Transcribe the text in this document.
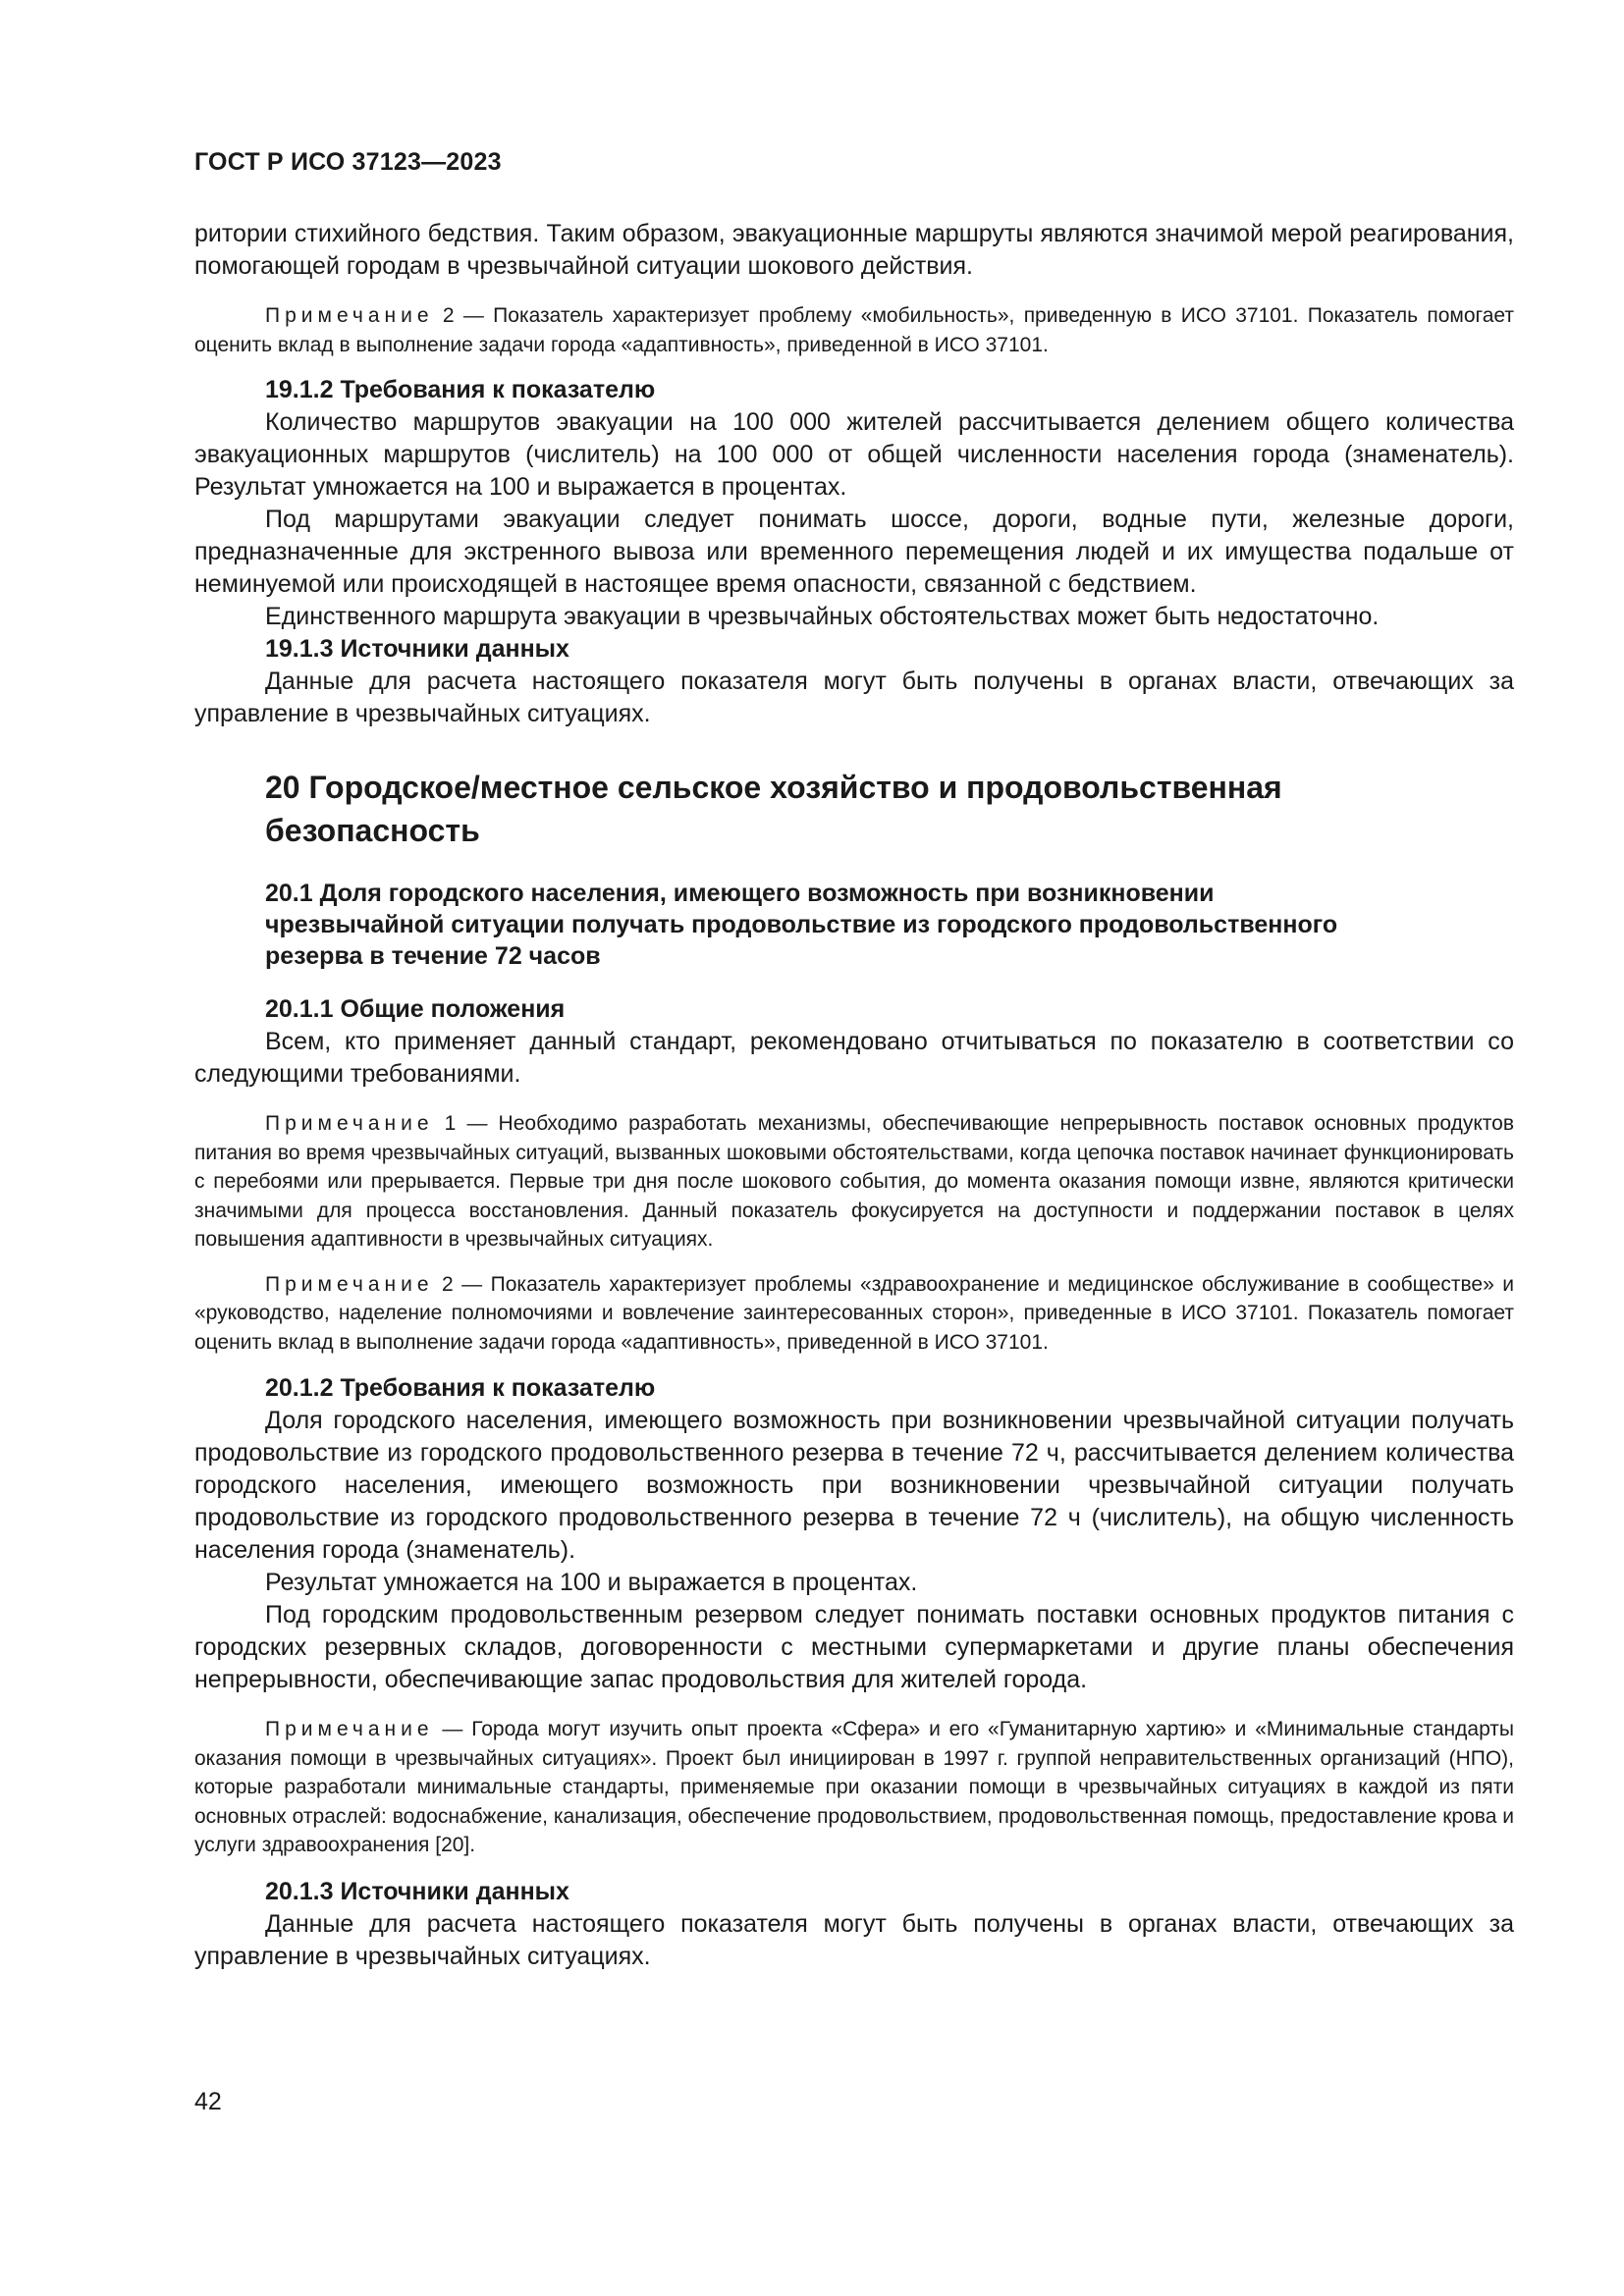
ГОСТ Р ИСО 37123—2023

ритории стихийного бедствия. Таким образом, эвакуационные маршруты являются значимой мерой реагирования, помогающей городам в чрезвычайной ситуации шокового действия.

Примечание 2 — Показатель характеризует проблему «мобильность», приведенную в ИСО 37101. Показатель помогает оценить вклад в выполнение задачи города «адаптивность», приведенной в ИСО 37101.

19.1.2 Требования к показателю

Количество маршрутов эвакуации на 100 000 жителей рассчитывается делением общего количества эвакуационных маршрутов (числитель) на 100 000 от общей численности населения города (знаменатель). Результат умножается на 100 и выражается в процентах.

Под маршрутами эвакуации следует понимать шоссе, дороги, водные пути, железные дороги, предназначенные для экстренного вывоза или временного перемещения людей и их имущества подальше от неминуемой или происходящей в настоящее время опасности, связанной с бедствием.

Единственного маршрута эвакуации в чрезвычайных обстоятельствах может быть недостаточно.

19.1.3 Источники данных

Данные для расчета настоящего показателя могут быть получены в органах власти, отвечающих за управление в чрезвычайных ситуациях.

20 Городское/местное сельское хозяйство и продовольственная
безопасность
20.1 Доля городского населения, имеющего возможность при возникновении
чрезвычайной ситуации получать продовольствие из городского продовольственного
резерва в течение 72 часов

20.1.1 Общие положения

Всем, кто применяет данный стандарт, рекомендовано отчитываться по показателю в соответствии со следующими требованиями.

Примечание 1 — Необходимо разработать механизмы, обеспечивающие непрерывность поставок основных продуктов питания во время чрезвычайных ситуаций, вызванных шоковыми обстоятельствами, когда цепочка поставок начинает функционировать с перебоями или прерывается. Первые три дня после шокового события, до момента оказания помощи извне, являются критически значимыми для процесса восстановления. Данный показатель фокусируется на доступности и поддержании поставок в целях повышения адаптивности в чрезвычайных ситуациях.

Примечание 2 — Показатель характеризует проблемы «здравоохранение и медицинское обслуживание в сообществе» и «руководство, наделение полномочиями и вовлечение заинтересованных сторон», приведенные в ИСО 37101. Показатель помогает оценить вклад в выполнение задачи города «адаптивность», приведенной в ИСО 37101.

20.1.2 Требования к показателю

Доля городского населения, имеющего возможность при возникновении чрезвычайной ситуации получать продовольствие из городского продовольственного резерва в течение 72 ч, рассчитывается делением количества городского населения, имеющего возможность при возникновении чрезвычайной ситуации получать продовольствие из городского продовольственного резерва в течение 72 ч (числитель), на общую численность населения города (знаменатель).

Результат умножается на 100 и выражается в процентах.

Под городским продовольственным резервом следует понимать поставки основных продуктов питания с городских резервных складов, договоренности с местными супермаркетами и другие планы обеспечения непрерывности, обеспечивающие запас продовольствия для жителей города.

Примечание — Города могут изучить опыт проекта «Сфера» и его «Гуманитарную хартию» и «Минимальные стандарты оказания помощи в чрезвычайных ситуациях». Проект был инициирован в 1997 г. группой неправительственных организаций (НПО), которые разработали минимальные стандарты, применяемые при оказании помощи в чрезвычайных ситуациях в каждой из пяти основных отраслей: водоснабжение, канализация, обеспечение продовольствием, продовольственная помощь, предоставление крова и услуги здравоохранения [20].

20.1.3 Источники данных

Данные для расчета настоящего показателя могут быть получены в органах власти, отвечающих за управление в чрезвычайных ситуациях.

42
